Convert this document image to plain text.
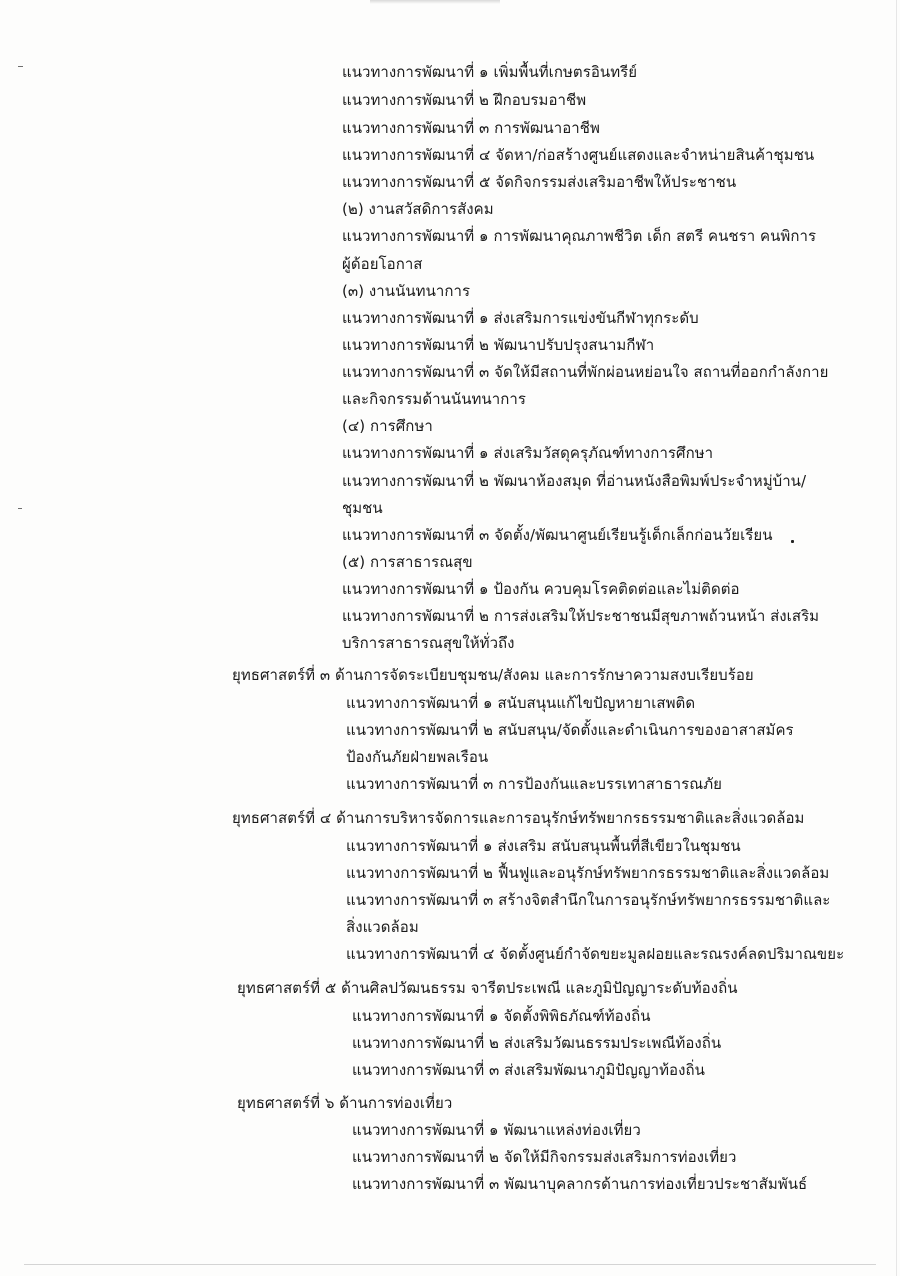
แนวทางการพัฒนาที่ ๑ เพิ่มพื้นที่เกษตรอินทรีย์
แนวทางการพัฒนาที่ ๒ ฝึกอบรมอาชีพ
แนวทางการพัฒนาที่ ๓ การพัฒนาอาชีพ
แนวทางการพัฒนาที่ ๔ จัดหา/ก่อสร้างศูนย์แสดงและจำหน่ายสินค้าชุมชน
แนวทางการพัฒนาที่ ๕ จัดกิจกรรมส่งเสริมอาชีพให้ประชาชน
(๒) งานสวัสดิการสังคม
แนวทางการพัฒนาที่ ๑ การพัฒนาคุณภาพชีวิต เด็ก สตรี คนชรา คนพิการ
ผู้ด้อยโอกาส
(๓) งานนันทนาการ
แนวทางการพัฒนาที่ ๑ ส่งเสริมการแข่งขันกีฬาทุกระดับ
แนวทางการพัฒนาที่ ๒ พัฒนาปรับปรุงสนามกีฬา
แนวทางการพัฒนาที่ ๓ จัดให้มีสถานที่พักผ่อนหย่อนใจ สถานที่ออกกำลังกาย
และกิจกรรมด้านนันทนาการ
(๔) การศึกษา
แนวทางการพัฒนาที่ ๑ ส่งเสริมวัสดุครุภัณฑ์ทางการศึกษา
แนวทางการพัฒนาที่ ๒ พัฒนาห้องสมุด ที่อ่านหนังสือพิมพ์ประจำหมู่บ้าน/
ชุมชน
แนวทางการพัฒนาที่ ๓ จัดตั้ง/พัฒนาศูนย์เรียนรู้เด็กเล็กก่อนวัยเรียน
(๕) การสาธารณสุข
แนวทางการพัฒนาที่ ๑ ป้องกัน ควบคุมโรคติดต่อและไม่ติดต่อ
แนวทางการพัฒนาที่ ๒ การส่งเสริมให้ประชาชนมีสุขภาพถ้วนหน้า ส่งเสริม
บริการสาธารณสุขให้ทั่วถึง
ยุทธศาสตร์ที่ ๓ ด้านการจัดระเบียบชุมชน/สังคม และการรักษาความสงบเรียบร้อย
แนวทางการพัฒนาที่ ๑ สนับสนุนแก้ไขปัญหายาเสพติด
แนวทางการพัฒนาที่ ๒ สนับสนุน/จัดตั้งและดำเนินการของอาสาสมัคร
ป้องกันภัยฝ่ายพลเรือน
แนวทางการพัฒนาที่ ๓ การป้องกันและบรรเทาสาธารณภัย
ยุทธศาสตร์ที่ ๔ ด้านการบริหารจัดการและการอนุรักษ์ทรัพยากรธรรมชาติและสิ่งแวดล้อม
แนวทางการพัฒนาที่ ๑ ส่งเสริม สนับสนุนพื้นที่สีเขียวในชุมชน
แนวทางการพัฒนาที่ ๒ ฟื้นฟูและอนุรักษ์ทรัพยากรธรรมชาติและสิ่งแวดล้อม
แนวทางการพัฒนาที่ ๓ สร้างจิตสำนึกในการอนุรักษ์ทรัพยากรธรรมชาติและ
สิ่งแวดล้อม
แนวทางการพัฒนาที่ ๔ จัดตั้งศูนย์กำจัดขยะมูลฝอยและรณรงค์ลดปริมาณขยะ
ยุทธศาสตร์ที่ ๕ ด้านศิลปวัฒนธรรม จารีตประเพณี และภูมิปัญญาระดับท้องถิ่น
แนวทางการพัฒนาที่ ๑ จัดตั้งพิพิธภัณฑ์ท้องถิ่น
แนวทางการพัฒนาที่ ๒ ส่งเสริมวัฒนธรรมประเพณีท้องถิ่น
แนวทางการพัฒนาที่ ๓ ส่งเสริมพัฒนาภูมิปัญญาท้องถิ่น
ยุทธศาสตร์ที่ ๖ ด้านการท่องเที่ยว
แนวทางการพัฒนาที่ ๑ พัฒนาแหล่งท่องเที่ยว
แนวทางการพัฒนาที่ ๒ จัดให้มีกิจกรรมส่งเสริมการท่องเที่ยว
แนวทางการพัฒนาที่ ๓ พัฒนาบุคลากรด้านการท่องเที่ยวประชาสัมพันธ์
